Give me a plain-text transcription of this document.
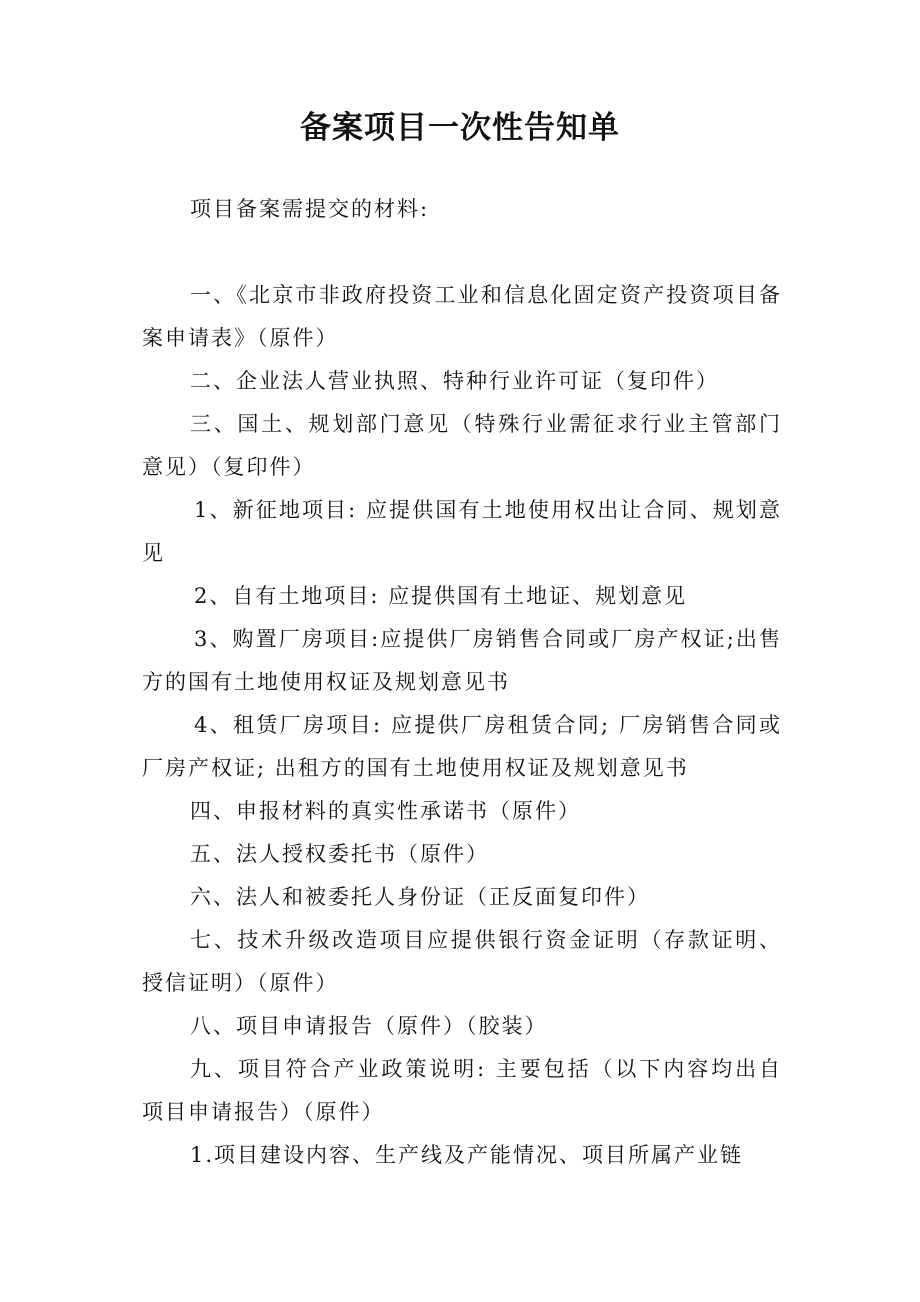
备案项目一次性告知单
项目备案需提交的材料:

一、《北京市非政府投资工业和信息化固定资产投资项目备案申请表》（原件）

二、企业法人营业执照、特种行业许可证（复印件）

三、国土、规划部门意见（特殊行业需征求行业主管部门意见）（复印件）

1、新征地项目: 应提供国有土地使用权出让合同、规划意见

2、自有土地项目: 应提供国有土地证、规划意见

3、购置厂房项目:应提供厂房销售合同或厂房产权证;出售方的国有土地使用权证及规划意见书

4、租赁厂房项目: 应提供厂房租赁合同; 厂房销售合同或厂房产权证; 出租方的国有土地使用权证及规划意见书

四、申报材料的真实性承诺书（原件）

五、法人授权委托书（原件）

六、法人和被委托人身份证（正反面复印件）

七、技术升级改造项目应提供银行资金证明（存款证明、授信证明）（原件）

八、项目申请报告（原件）（胶装）

九、项目符合产业政策说明: 主要包括（以下内容均出自项目申请报告）（原件）

1.项目建设内容、生产线及产能情况、项目所属产业链
